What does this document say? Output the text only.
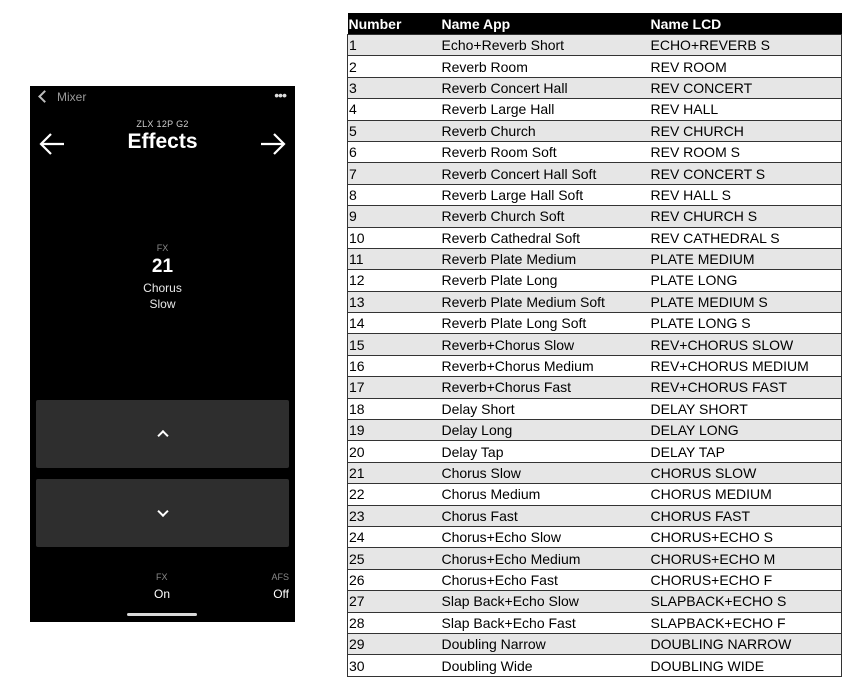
Mixer	•••
ZLX 12P G2
Effects
FX
21
Chorus
Slow
FX
On
AFS
Off
Number	Name App	Name LCD
1	Echo+Reverb Short	ECHO+REVERB S
2	Reverb Room	REV ROOM
3	Reverb Concert Hall	REV CONCERT
4	Reverb Large Hall	REV HALL
5	Reverb Church	REV CHURCH
6	Reverb Room Soft	REV ROOM S
7	Reverb Concert Hall Soft	REV CONCERT S
8	Reverb Large Hall Soft	REV HALL S
9	Reverb Church Soft	REV CHURCH S
10	Reverb Cathedral Soft	REV CATHEDRAL S
11	Reverb Plate Medium	PLATE MEDIUM
12	Reverb Plate Long	PLATE LONG
13	Reverb Plate Medium Soft	PLATE MEDIUM S
14	Reverb Plate Long Soft	PLATE LONG S
15	Reverb+Chorus Slow	REV+CHORUS SLOW
16	Reverb+Chorus Medium	REV+CHORUS MEDIUM
17	Reverb+Chorus Fast	REV+CHORUS FAST
18	Delay Short	DELAY SHORT
19	Delay Long	DELAY LONG
20	Delay Tap	DELAY TAP
21	Chorus Slow	CHORUS SLOW
22	Chorus Medium	CHORUS MEDIUM
23	Chorus Fast	CHORUS FAST
24	Chorus+Echo Slow	CHORUS+ECHO S
25	Chorus+Echo Medium	CHORUS+ECHO M
26	Chorus+Echo Fast	CHORUS+ECHO F
27	Slap Back+Echo Slow	SLAPBACK+ECHO S
28	Slap Back+Echo Fast	SLAPBACK+ECHO F
29	Doubling Narrow	DOUBLING NARROW
30	Doubling Wide	DOUBLING WIDE
